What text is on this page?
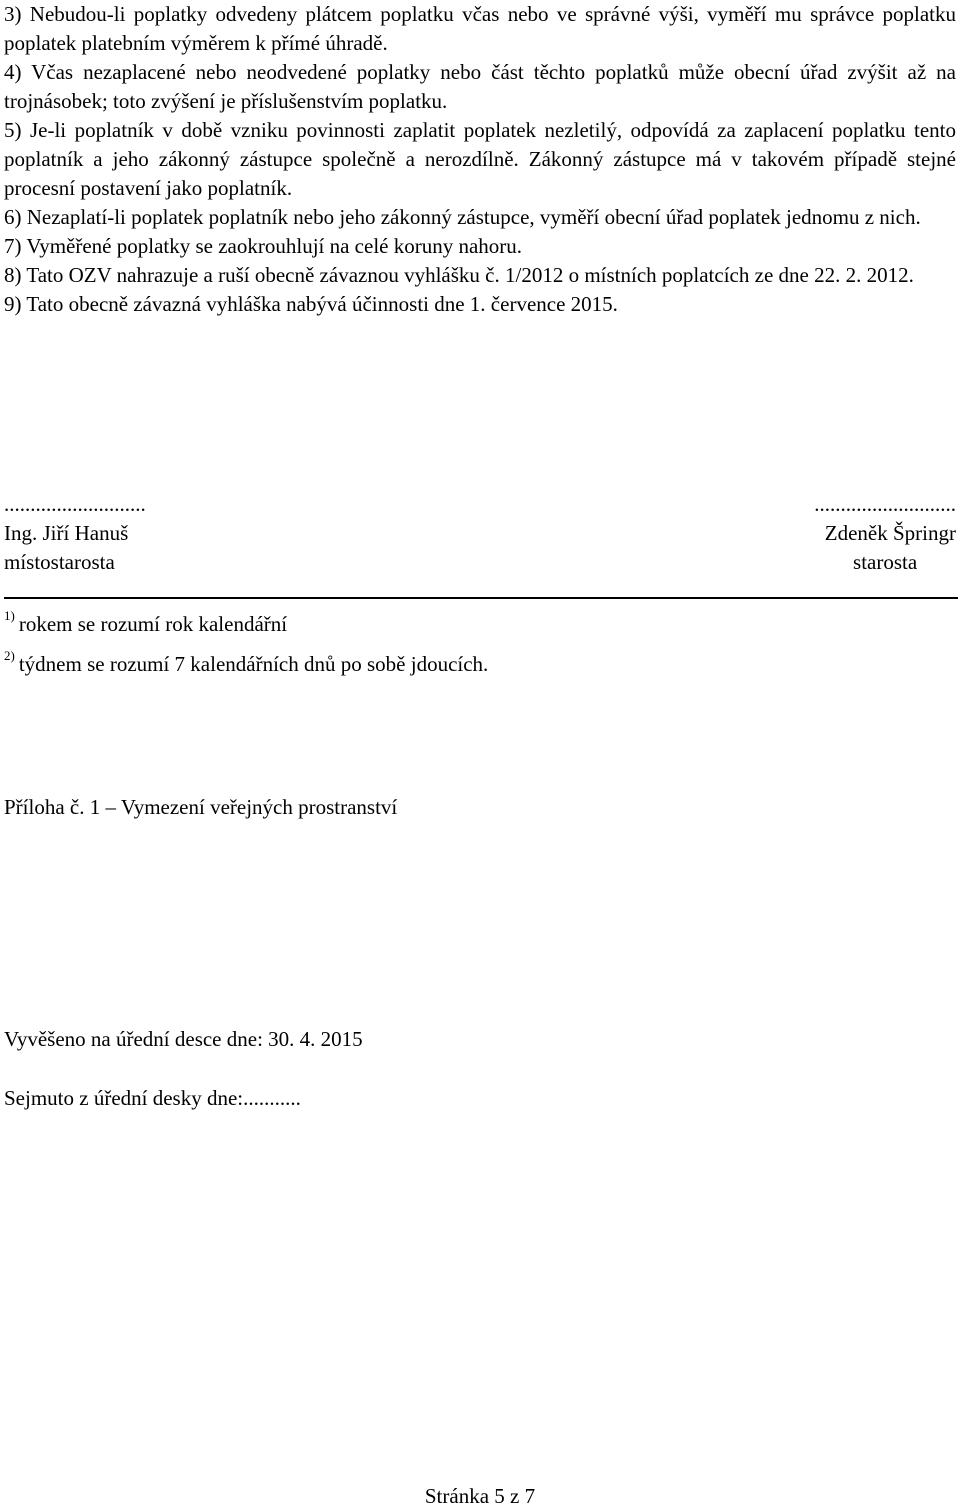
3) Nebudou-li poplatky odvedeny plátcem poplatku včas nebo ve správné výši, vyměří mu správce poplatku poplatek platebním výměrem k přímé úhradě.

4) Včas nezaplacené nebo neodvedené poplatky nebo část těchto poplatků může obecní úřad zvýšit až na trojnásobek; toto zvýšení je příslušenstvím poplatku.

5) Je-li poplatník v době vzniku povinnosti zaplatit poplatek nezletilý, odpovídá za zaplacení poplatku tento poplatník a jeho zákonný zástupce společně a nerozdílně. Zákonný zástupce má v takovém případě stejné procesní postavení jako poplatník.

6) Nezaplatí-li poplatek poplatník nebo jeho zákonný zástupce, vyměří obecní úřad poplatek jednomu z nich.

7) Vyměřené poplatky se zaokrouhlují na celé koruny nahoru.

8) Tato OZV nahrazuje a ruší obecně závaznou vyhlášku č. 1/2012 o místních poplatcích ze dne 22. 2. 2012.

9) Tato obecně závazná vyhláška nabývá účinnosti dne 1. července 2015.

...........................
Ing. Jiří Hanuš
místostarosta
...........................
Zdeněk Špringr
starosta

$^{1)}$ rokem se rozumí rok kalendářní

$^{2)}$ týdnem se rozumí 7 kalendářních dnů po sobě jdoucích.

Příloha č. 1 – Vymezení veřejných prostranství

Vyvěšeno na úřední desce dne: 30. 4. 2015

Sejmuto z úřední desky dne:...........

Stránka 5 z 7
